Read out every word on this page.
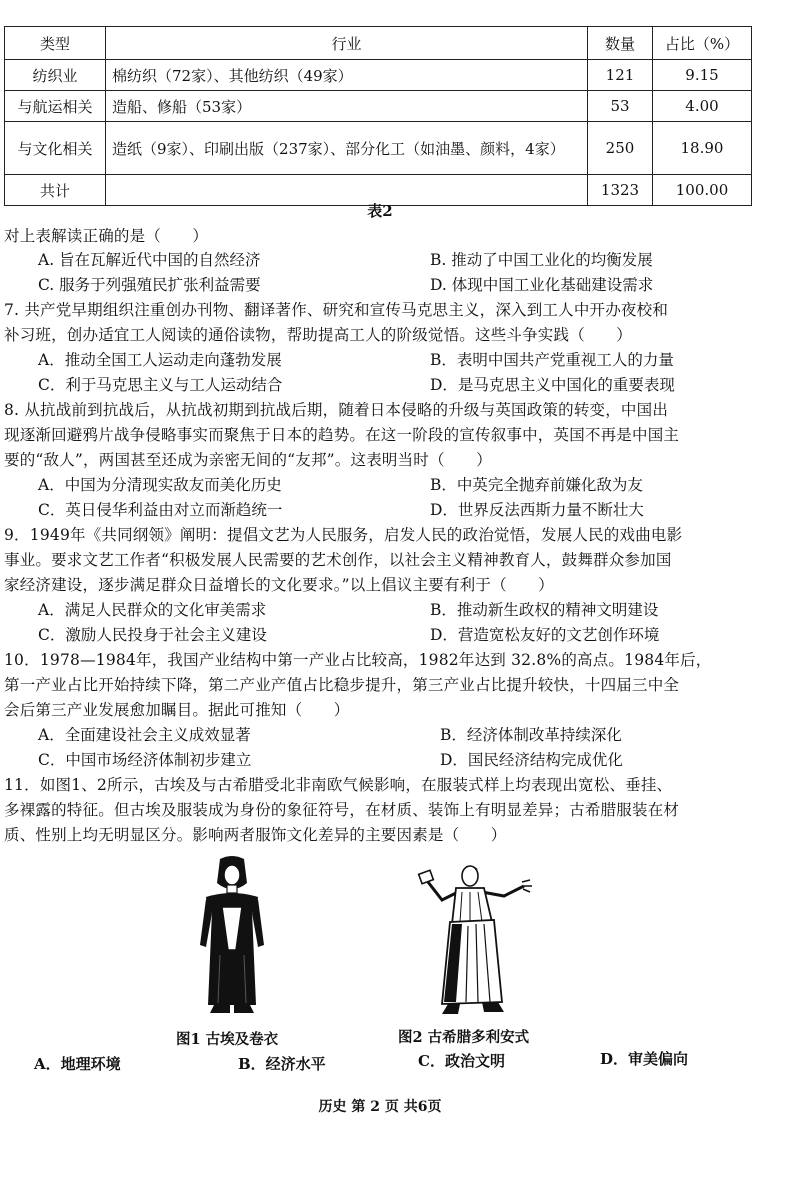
类型	行业	数量	占比（%）
纺织业	棉纺织（72家）、其他纺织（49家）	121	9.15
与航运相关	造船、修船（53家）	53	4.00
与文化相关	造纸（9家）、印刷出版（237家）、部分化工（如油墨、颜料，4家）	250	18.90
共计		1323	100.00
表2
对上表解读正确的是（　　）
A. 旨在瓦解近代中国的自然经济	B. 推动了中国工业化的均衡发展
C. 服务于列强殖民扩张利益需要	D. 体现中国工业化基础建设需求
7. 共产党早期组织注重创办刊物、翻译著作、研究和宣传马克思主义，深入到工人中开办夜校和
补习班，创办适宜工人阅读的通俗读物，帮助提高工人的阶级觉悟。这些斗争实践（　　）
A．推动全国工人运动走向蓬勃发展	B．表明中国共产党重视工人的力量
C．利于马克思主义与工人运动结合	D．是马克思主义中国化的重要表现
8. 从抗战前到抗战后，从抗战初期到抗战后期，随着日本侵略的升级与英国政策的转变，中国出
现逐渐回避鸦片战争侵略事实而聚焦于日本的趋势。在这一阶段的宣传叙事中，英国不再是中国主
要的“敌人”，两国甚至还成为亲密无间的“友邦”。这表明当时（　　）
A．中国为分清现实敌友而美化历史	B．中英完全抛弃前嫌化敌为友
C．英日侵华利益由对立而渐趋统一	D．世界反法西斯力量不断壮大
9．1949年《共同纲领》阐明：提倡文艺为人民服务，启发人民的政治觉悟，发展人民的戏曲电影
事业。要求文艺工作者“积极发展人民需要的艺术创作，以社会主义精神教育人，鼓舞群众参加国
家经济建设，逐步满足群众日益增长的文化要求。”以上倡议主要有利于（　　）
A．满足人民群众的文化审美需求	B．推动新生政权的精神文明建设
C．激励人民投身于社会主义建设	D．营造宽松友好的文艺创作环境
10．1978—1984年，我国产业结构中第一产业占比较高，1982年达到 32.8%的高点。1984年后，
第一产业占比开始持续下降，第二产业产值占比稳步提升，第三产业占比提升较快，十四届三中全
会后第三产业发展愈加瞩目。据此可推知（　　）
A．全面建设社会主义成效显著	B．经济体制改革持续深化
C．中国市场经济体制初步建立	D．国民经济结构完成优化
11．如图1、2所示，古埃及与古希腊受北非南欧气候影响，在服装式样上均表现出宽松、垂挂、
多裸露的特征。但古埃及服装成为身份的象征符号，在材质、装饰上有明显差异；古希腊服装在材
质、性别上均无明显区分。影响两者服饰文化差异的主要因素是（　　）
图1 古埃及卷衣	图2 古希腊多利安式
A．地理环境	B．经济水平	C．政治文明	D．审美偏向
历史 第 2 页 共6页
